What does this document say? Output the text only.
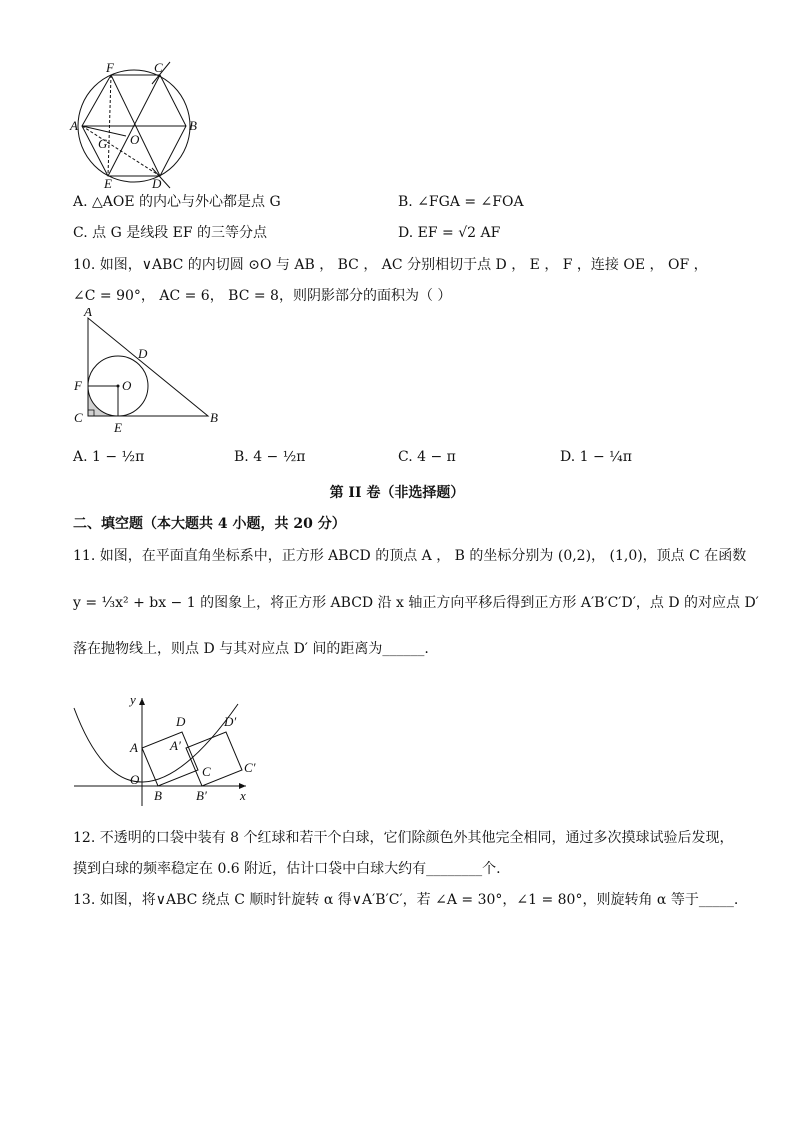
F	C
A	B
O
G
E	D
A. △AOE 的内心与外心都是点 G	B. ∠FGA = ∠FOA
C. 点 G 是线段 EF 的三等分点	D. EF = √2 AF
10. 如图，∨ABC 的内切圆 ⊙O 与 AB ， BC ， AC 分别相切于点 D ， E ， F ，连接 OE ， OF ，
∠C = 90°， AC = 6， BC = 8，则阴影部分的面积为（ ）
A
D
F	O
C
E
B
A. 1 − ½π	B. 4 − ½π	C. 4 − π	D. 1 − ¼π
第 II 卷（非选择题）
二、填空题（本大题共 4 小题，共 20 分）
11. 如图，在平面直角坐标系中，正方形 ABCD 的顶点 A ， B 的坐标分别为 (0,2)， (1,0)，顶点 C 在函数
y = ⅓x² + bx − 1 的图象上，将正方形 ABCD 沿 x 轴正方向平移后得到正方形 A′B′C′D′，点 D 的对应点 D′
落在抛物线上，则点 D 与其对应点 D′ 间的距离为______.
y
x
O
A
B
C
D
A′
B′
C′
D′
12. 不透明的口袋中装有 8 个红球和若干个白球，它们除颜色外其他完全相同，通过多次摸球试验后发现，
摸到白球的频率稳定在 0.6 附近，估计口袋中白球大约有________个.
13. 如图，将∨ABC 绕点 C 顺时针旋转 α 得∨A′B′C′，若 ∠A = 30°，∠1 = 80°，则旋转角 α 等于_____.
